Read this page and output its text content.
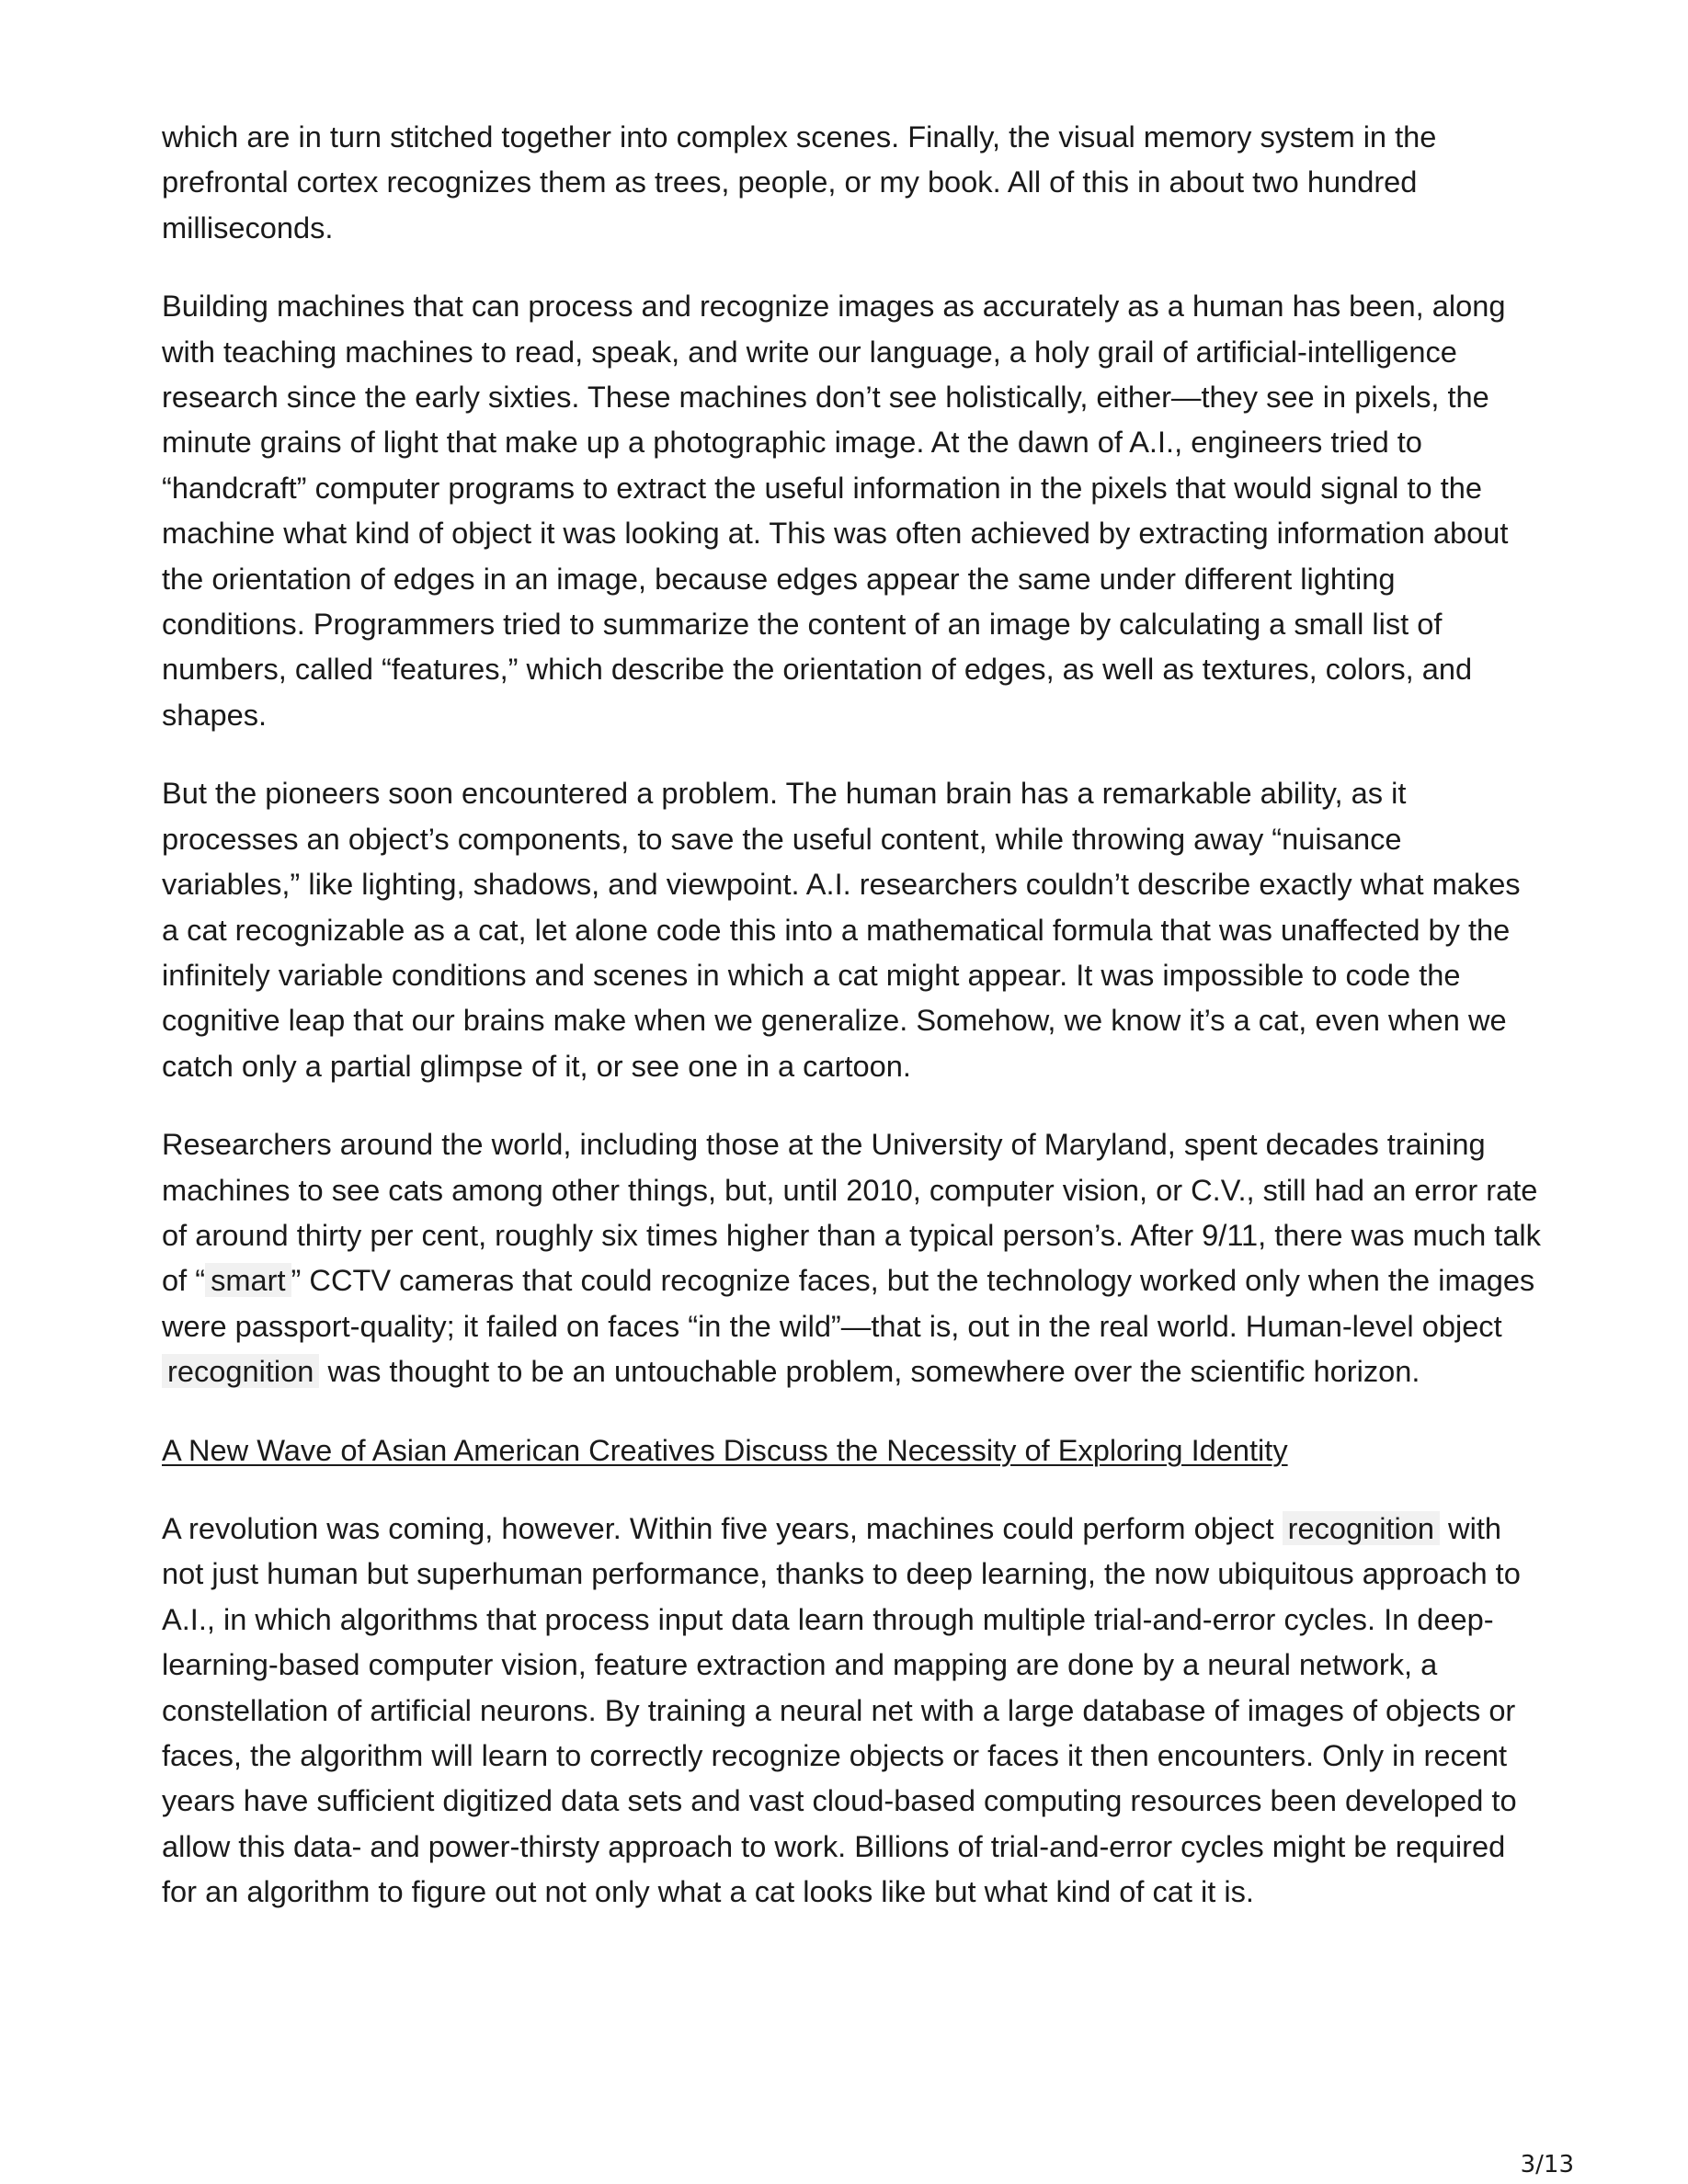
which are in turn stitched together into complex scenes. Finally, the visual memory system in the prefrontal cortex recognizes them as trees, people, or my book. All of this in about two hundred milliseconds.

Building machines that can process and recognize images as accurately as a human has been, along with teaching machines to read, speak, and write our language, a holy grail of artificial-intelligence research since the early sixties. These machines don’t see holistically, either—they see in pixels, the minute grains of light that make up a photographic image. At the dawn of A.I., engineers tried to “handcraft” computer programs to extract the useful information in the pixels that would signal to the machine what kind of object it was looking at. This was often achieved by extracting information about the orientation of edges in an image, because edges appear the same under different lighting conditions. Programmers tried to summarize the content of an image by calculating a small list of numbers, called “features,” which describe the orientation of edges, as well as textures, colors, and shapes.

But the pioneers soon encountered a problem. The human brain has a remarkable ability, as it processes an object’s components, to save the useful content, while throwing away “nuisance variables,” like lighting, shadows, and viewpoint. A.I. researchers couldn’t describe exactly what makes a cat recognizable as a cat, let alone code this into a mathematical formula that was unaffected by the infinitely variable conditions and scenes in which a cat might appear. It was impossible to code the cognitive leap that our brains make when we generalize. Somehow, we know it’s a cat, even when we catch only a partial glimpse of it, or see one in a cartoon.

Researchers around the world, including those at the University of Maryland, spent decades training machines to see cats among other things, but, until 2010, computer vision, or C.V., still had an error rate of around thirty per cent, roughly six times higher than a typical person’s. After 9/11, there was much talk of “ smart ” CCTV cameras that could recognize faces, but the technology worked only when the images were passport-quality; it failed on faces “in the wild”—that is, out in the real world. Human-level object recognition was thought to be an untouchable problem, somewhere over the scientific horizon.

A New Wave of Asian American Creatives Discuss the Necessity of Exploring Identity

A revolution was coming, however. Within five years, machines could perform object recognition with not just human but superhuman performance, thanks to deep learning, the now ubiquitous approach to A.I., in which algorithms that process input data learn through multiple trial-and-error cycles. In deep-learning-based computer vision, feature extraction and mapping are done by a neural network, a constellation of artificial neurons. By training a neural net with a large database of images of objects or faces, the algorithm will learn to correctly recognize objects or faces it then encounters. Only in recent years have sufficient digitized data sets and vast cloud-based computing resources been developed to allow this data- and power-thirsty approach to work. Billions of trial-and-error cycles might be required for an algorithm to figure out not only what a cat looks like but what kind of cat it is.

3/13
